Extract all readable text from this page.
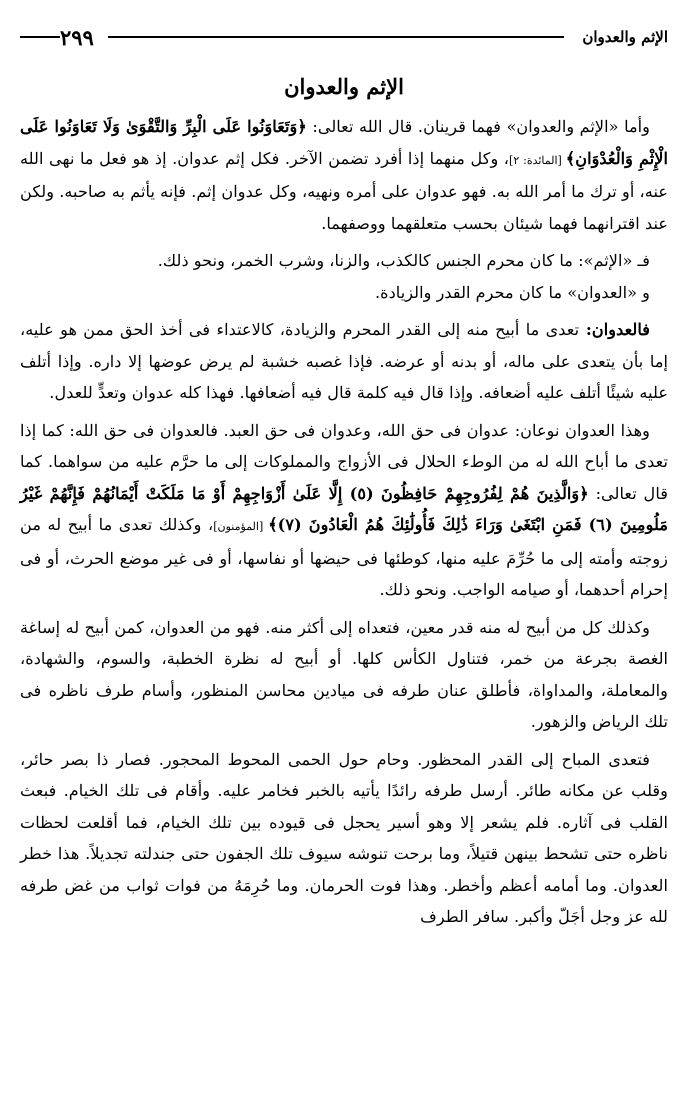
الإثم والعدوان
٢٩٩
الإثم والعدوان

وأما «الإثم والعدوان» فهما قرينان. قال الله تعالى: ﴿وَتَعَاوَنُوا عَلَى الْبِرِّ وَالتَّقْوَىٰ وَلَا تَعَاوَنُوا عَلَى الْإِثْمِ وَالْعُدْوَانِ﴾ [المائدة: ٢]، وكل منهما إذا أفرد تضمن الآخر. فكل إثم عدوان. إذ هو فعل ما نهى الله عنه، أو ترك ما أمر الله به. فهو عدوان على أمره ونهيه، وكل عدوان إثم. فإنه يأثم به صاحبه. ولكن عند اقترانهما فهما شيئان بحسب متعلقهما ووصفهما.

فـ «الإثم»: ما كان محرم الجنس كالكذب، والزنا، وشرب الخمر، ونحو ذلك.

و «العدوان» ما كان محرم القدر والزيادة.

فالعدوان: تعدى ما أبيح منه إلى القدر المحرم والزيادة، كالاعتداء فى أخذ الحق ممن هو عليه، إما بأن يتعدى على ماله، أو بدنه أو عرضه. فإذا غصبه خشبة لم يرض عوضها إلا داره. وإذا أتلف عليه شيئًا أتلف عليه أضعافه. وإذا قال فيه كلمة قال فيه أضعافها. فهذا كله عدوان وتعدٍّ للعدل.

وهذا العدوان نوعان: عدوان فى حق الله، وعدوان فى حق العبد. فالعدوان فى حق الله: كما إذا تعدى ما أباح الله له من الوطء الحلال فى الأزواج والمملوكات إلى ما حرَّم عليه من سواهما. كما قال تعالى: ﴿وَالَّذِينَ هُمْ لِفُرُوجِهِمْ حَافِظُونَ (٥) إِلَّا عَلَىٰ أَزْوَاجِهِمْ أَوْ مَا مَلَكَتْ أَيْمَانُهُمْ فَإِنَّهُمْ غَيْرُ مَلُومِينَ (٦) فَمَنِ ابْتَغَىٰ وَرَاءَ ذَٰلِكَ فَأُولَٰئِكَ هُمُ الْعَادُونَ (٧)﴾ [المؤمنون]، وكذلك تعدى ما أبيح له من زوجته وأمته إلى ما حُرِّمَ عليه منها، كوطئها فى حيضها أو نفاسها، أو فى غير موضع الحرث، أو فى إحرام أحدهما، أو صيامه الواجب. ونحو ذلك.

وكذلك كل من أبيح له منه قدر معين، فتعداه إلى أكثر منه. فهو من العدوان، كمن أبيح له إساغة الغصة بجرعة من خمر، فتناول الكأس كلها. أو أبيح له نظرة الخطبة، والسوم، والشهادة، والمعاملة، والمداواة، فأطلق عنان طرفه فى ميادين محاسن المنظور، وأسام طرف ناظره فى تلك الرياض والزهور.

فتعدى المباح إلى القدر المحظور. وحام حول الحمى المحوط المحجور. فصار ذا بصر حائر، وقلب عن مكانه طائر. أرسل طرفه رائدًا يأتيه بالخبر فخامر عليه. وأقام فى تلك الخيام. فبعث القلب فى آثاره. فلم يشعر إلا وهو أسير يحجل فى قيوده بين تلك الخيام، فما أقلعت لحظات ناظره حتى تشحط بينهن قتيلاً، وما برحت تنوشه سيوف تلك الجفون حتى جندلته تجديلاً. هذا خطر العدوان. وما أمامه أعظم وأخطر. وهذا فوت الحرمان. وما حُرِمَهُ من فوات ثواب من غض طرفه لله عز وجل أجَلّ وأكبر. سافر الطرف
